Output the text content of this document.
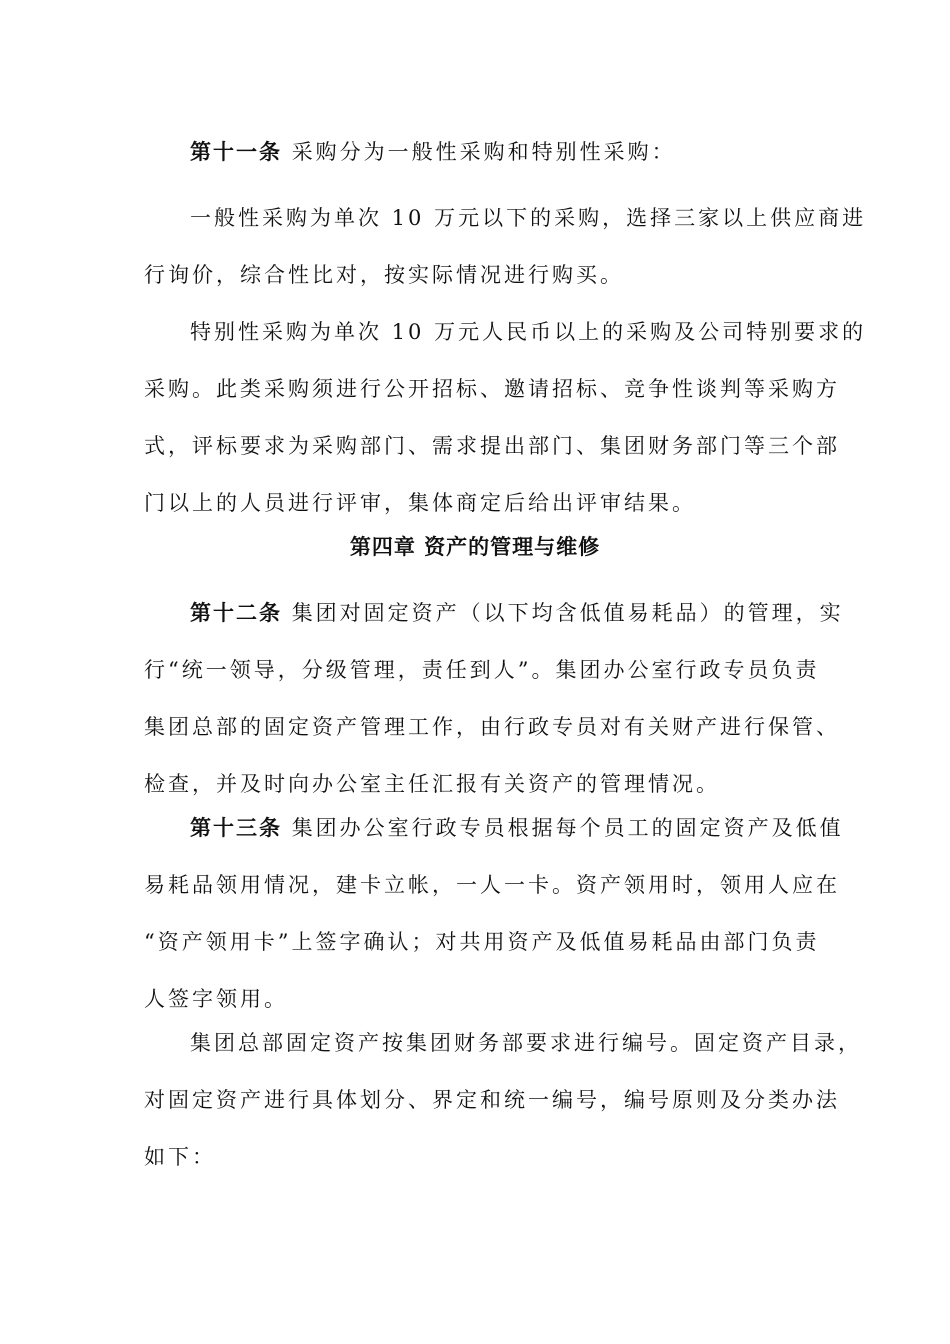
第十一条 采购分为一般性采购和特别性采购：

一般性采购为单次 10 万元以下的采购，选择三家以上供应商进
行询价，综合性比对，按实际情况进行购买。

特别性采购为单次 10 万元人民币以上的采购及公司特别要求的
采购。此类采购须进行公开招标、邀请招标、竞争性谈判等采购方
式，评标要求为采购部门、需求提出部门、集团财务部门等三个部
门以上的人员进行评审，集体商定后给出评审结果。

第四章 资产的管理与维修

第十二条 集团对固定资产（以下均含低值易耗品）的管理，实
行“统一领导，分级管理，责任到人”。集团办公室行政专员负责
集团总部的固定资产管理工作，由行政专员对有关财产进行保管、
检查，并及时向办公室主任汇报有关资产的管理情况。

第十三条 集团办公室行政专员根据每个员工的固定资产及低值
易耗品领用情况，建卡立帐，一人一卡。资产领用时，领用人应在
“资产领用卡”上签字确认；对共用资产及低值易耗品由部门负责
人签字领用。

集团总部固定资产按集团财务部要求进行编号。固定资产目录，
对固定资产进行具体划分、界定和统一编号，编号原则及分类办法
如下：
